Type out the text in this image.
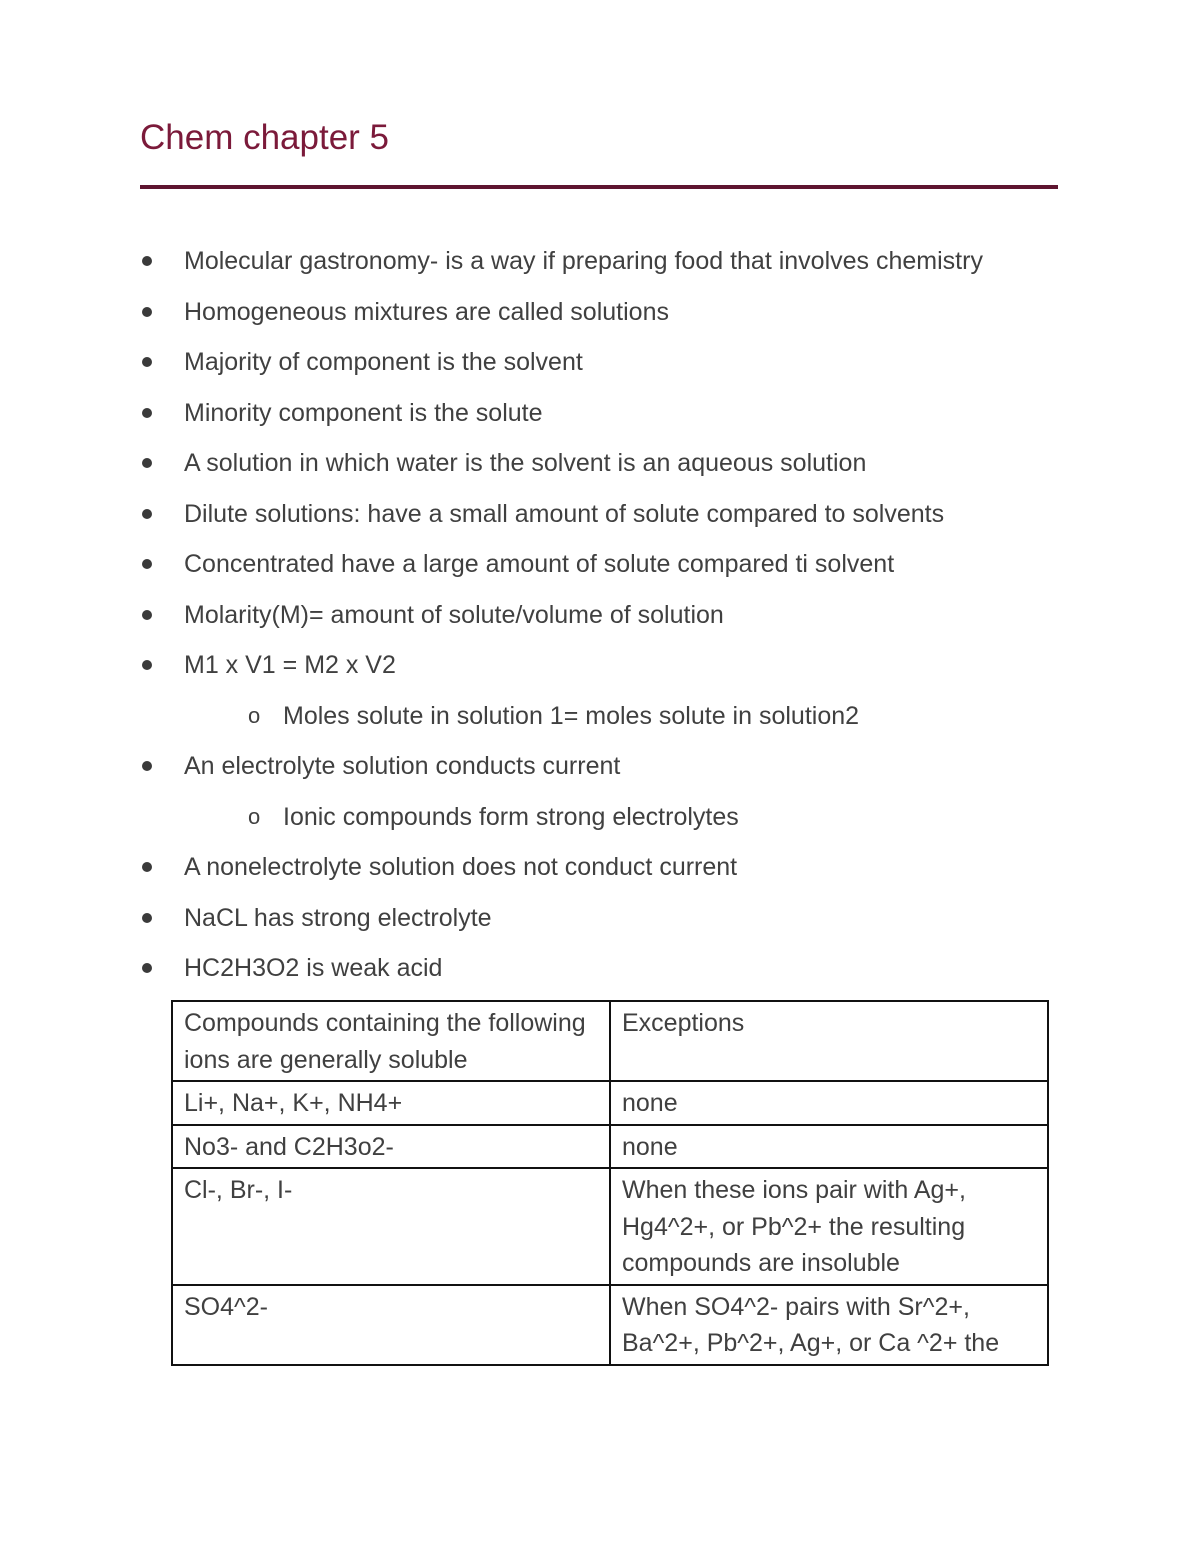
Chem chapter 5
Molecular gastronomy- is a way if preparing food that involves chemistry
Homogeneous mixtures are called solutions
Majority of component is the solvent
Minority component is the solute
A solution in which water is the solvent is an aqueous solution
Dilute solutions: have a small amount of solute compared to solvents
Concentrated have a large amount of solute compared ti solvent
Molarity(M)= amount of solute/volume of solution
M1 x V1 = M2 x V2
o Moles solute in solution 1= moles solute in solution2
An electrolyte solution conducts current
o Ionic compounds form strong electrolytes
A nonelectrolyte solution does not conduct current
NaCL has strong electrolyte
HC2H3O2 is weak acid
Compounds containing the following ions are generally soluble	Exceptions
Li+, Na+, K+, NH4+	none
No3- and C2H3o2-	none
Cl-, Br-, I-	When these ions pair with Ag+, Hg4^2+, or Pb^2+ the resulting compounds are insoluble
SO4^2-	When SO4^2- pairs with Sr^2+, Ba^2+, Pb^2+, Ag+, or Ca ^2+ the
